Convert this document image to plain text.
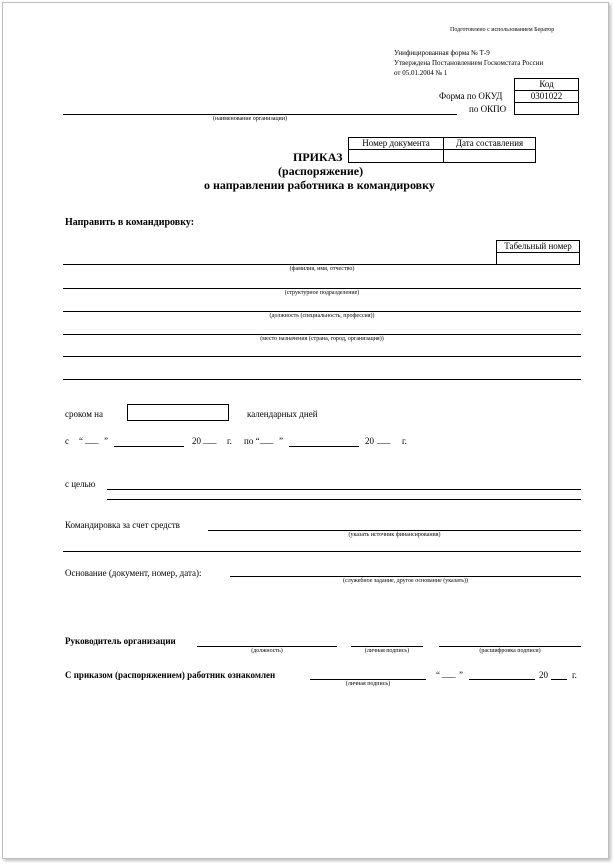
Подготовлено с использованием Бератор
Унифицированная форма № Т-9
Утверждена Постановлением Госкомстата России
от 05.01.2004 № 1
Код
Форма по ОКУД	0301022
по ОКПО
(наименование организации)
Номер документа	Дата составления
ПРИКАЗ
(распоряжение)
о направлении работника в командировку
Направить в командировку:
Табельный номер
(фамилия, имя, отчество)
(структурное подразделение)
(должность (специальность, профессия))
(место назначения (страна, город, организация))
сроком на	календарных дней
с “ ___ ”	20 ___ г. по “ ___ ”	20 ___ г.
с целью
Командировка за счет средств
(указать источник финансирования)
Основание (документ, номер, дата):
(служебное задание, другое основание (указать))
Руководитель организации
(должность)	(личная подпись)	(расшифровка подписи)
С приказом (распоряжением) работник ознакомлен
(личная подпись)
“ ___ ”	20	г.
